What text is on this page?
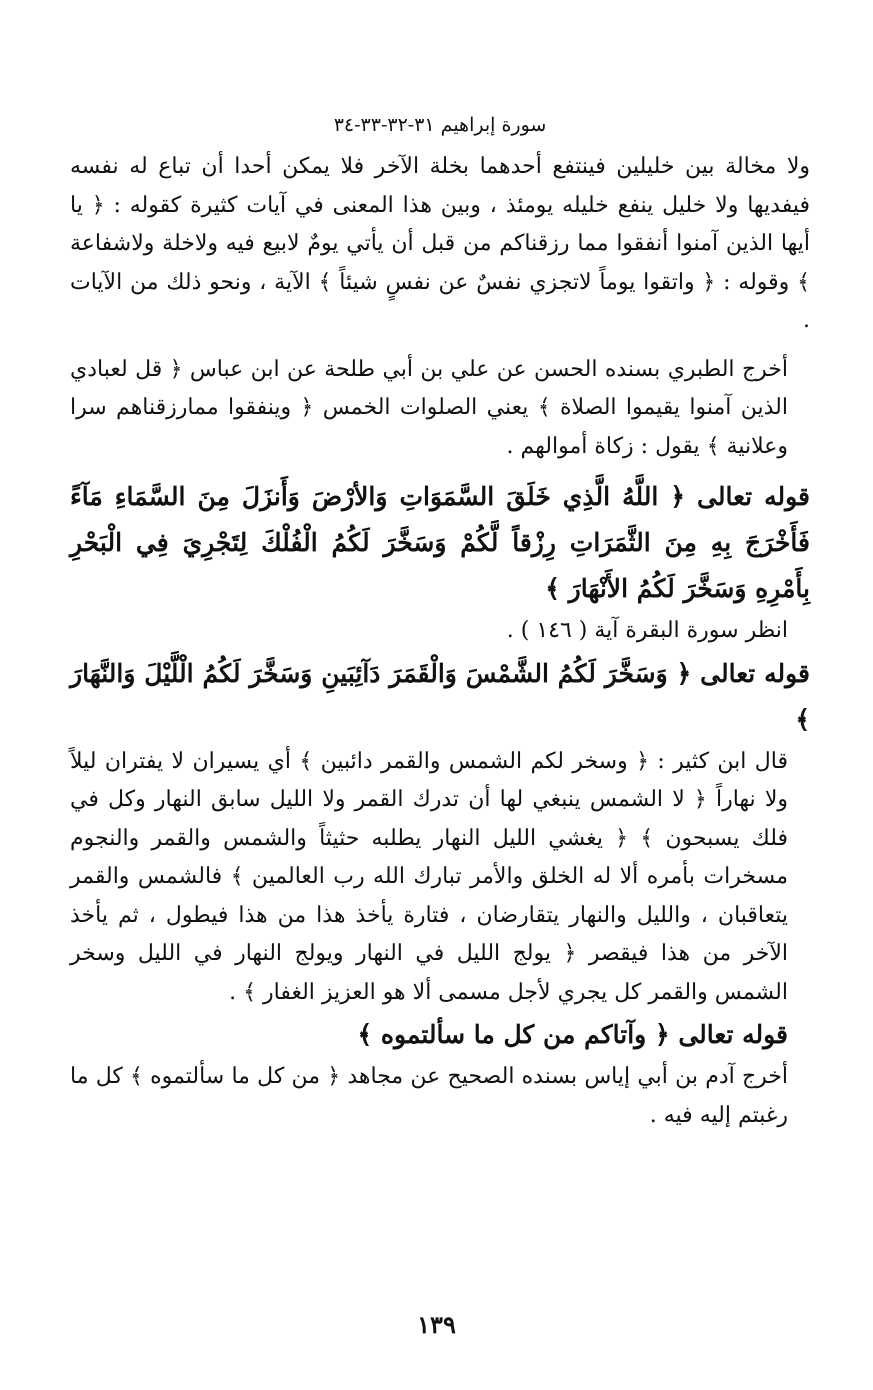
سورة إبراهيم ٣١-٣٢-٣٣-٣٤

ولا مخالة بين خليلين فينتفع أحدهما بخلة الآخر فلا يمكن أحدا أن تباع له نفسه فيفديها ولا خليل ينفع خليله يومئذ ، وبين هذا المعنى في آيات كثيرة كقوله : ﴿ يا أيها الذين آمنوا أنفقوا مما رزقناكم من قبل أن يأتي يومٌ لابيع فيه ولاخلة ولاشفاعة ﴾ وقوله : ﴿ واتقوا يوماً لاتجزي نفسٌ عن نفسٍ شيئاً ﴾ الآية ، ونحو ذلك من الآيات .

أخرج الطبري بسنده الحسن عن علي بن أبي طلحة عن ابن عباس ﴿ قل لعبادي الذين آمنوا يقيموا الصلاة ﴾ يعني الصلوات الخمس ﴿ وينفقوا ممارزقناهم سرا وعلانية ﴾ يقول : زكاة أموالهم .

قوله تعالى ﴿ اللَّهُ الَّذِي خَلَقَ السَّمَوَاتِ وَالأرْضَ وَأَنزَلَ مِنَ السَّمَاءِ مَآءً فَأَخْرَجَ بِهِ مِنَ الثَّمَرَاتِ رِزْقاً لَّكُمْ وَسَخَّرَ لَكُمُ الْفُلْكَ لِتَجْرِيَ فِي الْبَحْرِ بِأَمْرِهِ وَسَخَّرَ لَكُمُ الأَنْهَارَ ﴾

انظر سورة البقرة آية ( ١٤٦ ) .

قوله تعالى ﴿ وَسَخَّرَ لَكُمُ الشَّمْسَ وَالْقَمَرَ دَآئِبَينِ وَسَخَّرَ لَكُمُ الْلَّيْلَ وَالنَّهَارَ ﴾

قال ابن كثير : ﴿ وسخر لكم الشمس والقمر دائبين ﴾ أي يسيران لا يفتران ليلاً ولا نهاراً ﴿ لا الشمس ينبغي لها أن تدرك القمر ولا الليل سابق النهار وكل في فلك يسبحون ﴾ ﴿ يغشي الليل النهار يطلبه حثيثاً والشمس والقمر والنجوم مسخرات بأمره ألا له الخلق والأمر تبارك الله رب العالمين ﴾ فالشمس والقمر يتعاقبان ، والليل والنهار يتقارضان ، فتارة يأخذ هذا من هذا فيطول ، ثم يأخذ الآخر من هذا فيقصر ﴿ يولج الليل في النهار ويولج النهار في الليل وسخر الشمس والقمر كل يجري لأجل مسمى ألا هو العزيز الغفار ﴾ .

قوله تعالى ﴿ وآتاكم من كل ما سألتموه ﴾

أخرج آدم بن أبي إياس بسنده الصحيح عن مجاهد ﴿ من كل ما سألتموه ﴾ كل ما رغبتم إليه فيه .

١٣٩
